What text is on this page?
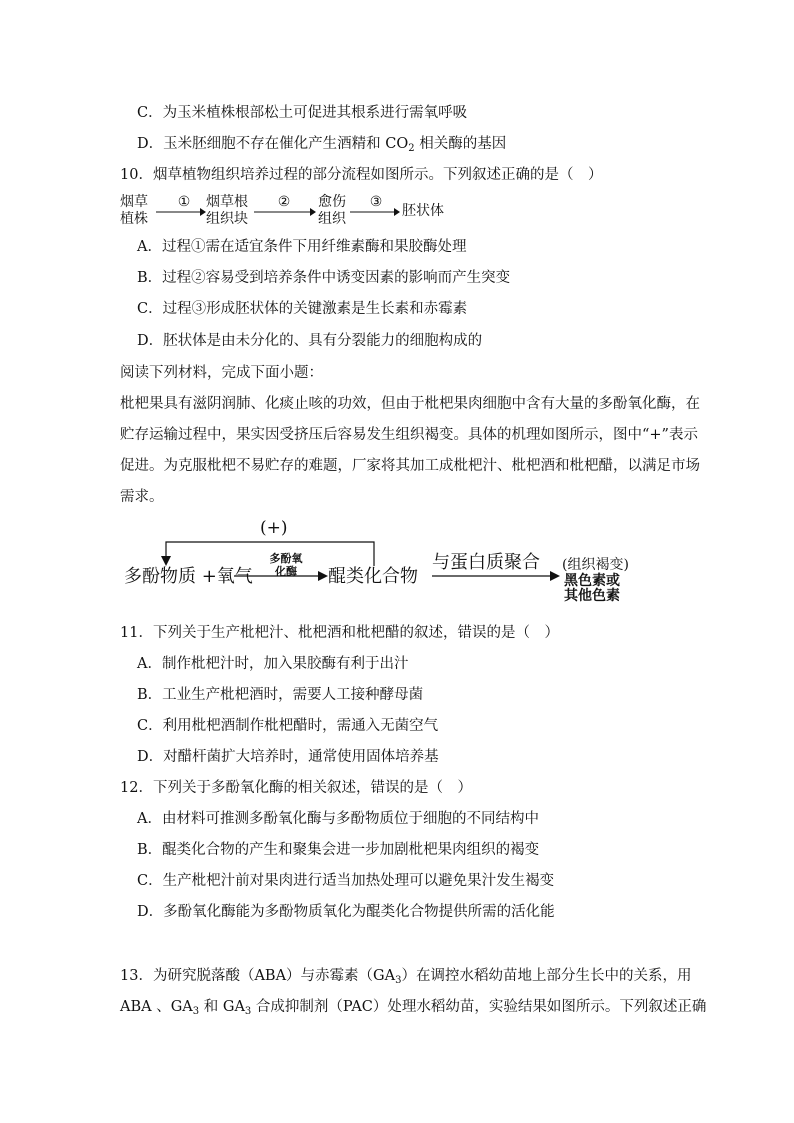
C．为玉米植株根部松土可促进其根系进行需氧呼吸
D．玉米胚细胞不存在催化产生酒精和 $CO_2$ 相关酶的基因
10．烟草植物组织培养过程的部分流程如图所示。下列叙述正确的是（　）
烟草
植株
①	烟草根
组织块
②	愈伤
组织
③
胚状体
A．过程①需在适宜条件下用纤维素酶和果胶酶处理
B．过程②容易受到培养条件中诱变因素的影响而产生突变
C．过程③形成胚状体的关键激素是生长素和赤霉素
D．胚状体是由未分化的、具有分裂能力的细胞构成的
阅读下列材料，完成下面小题：
枇杷果具有滋阴润肺、化痰止咳的功效，但由于枇杷果肉细胞中含有大量的多酚氧化酶，在
贮存运输过程中，果实因受挤压后容易发生组织褐变。具体的机理如图所示，图中“+”表示
促进。为克服枇杷不易贮存的难题，厂家将其加工成枇杷汁、枇杷酒和枇杷醋，以满足市场
需求。
(+)
多酚物质 +氧气
多酚氧
化酶	醌类化合物
与蛋白质聚合 (组织褐变)
黑色素或
其他色素
11．下列关于生产枇杷汁、枇杷酒和枇杷醋的叙述，错误的是（　）
A．制作枇杷汁时，加入果胶酶有利于出汁
B．工业生产枇杷酒时，需要人工接种酵母菌
C．利用枇杷酒制作枇杷醋时，需通入无菌空气
D．对醋杆菌扩大培养时，通常使用固体培养基
12．下列关于多酚氧化酶的相关叙述，错误的是（　）
A．由材料可推测多酚氧化酶与多酚物质位于细胞的不同结构中
B．醌类化合物的产生和聚集会进一步加剧枇杷果肉组织的褐变
C．生产枇杷汁前对果肉进行适当加热处理可以避免果汁发生褐变
D．多酚氧化酶能为多酚物质氧化为醌类化合物提供所需的活化能
13．为研究脱落酸（ABA）与赤霉素$(GA_3)$在调控水稻幼苗地上部分生长中的关系，用
ABA 、$GA_3$ 和 $GA_3$ 合成抑制剂（PAC）处理水稻幼苗，实验结果如图所示。下列叙述正确
